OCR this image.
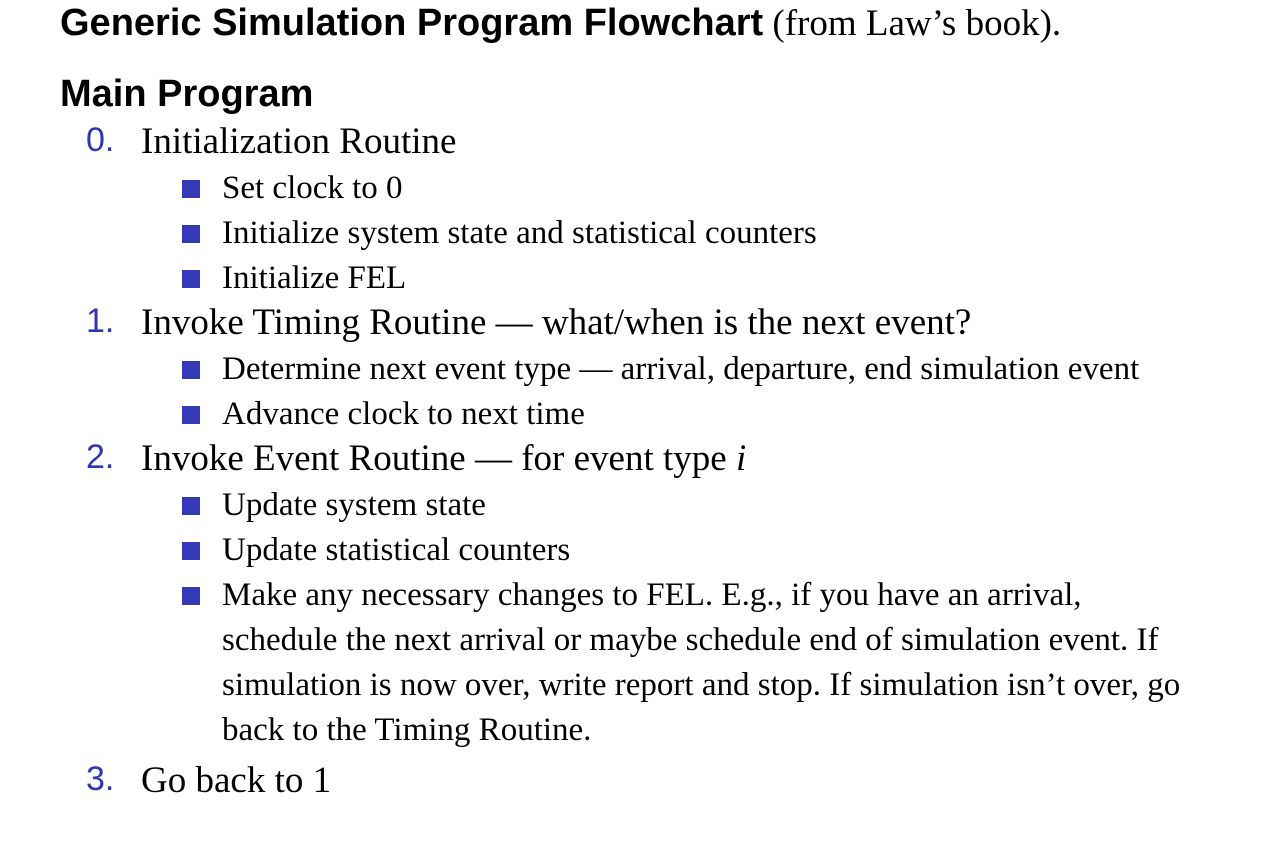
Generic Simulation Program Flowchart (from Law’s book).
Main Program
0. Initialization Routine
Set clock to 0
Initialize system state and statistical counters
Initialize FEL
1. Invoke Timing Routine — what/when is the next event?
Determine next event type — arrival, departure, end simulation event
Advance clock to next time
Invoke Event Routine — for event type i
2.
Update system state
Update statistical counters
Make any necessary changes to FEL. E.g., if you have an arrival, schedule the next arrival or maybe schedule end of simulation event. If simulation is now over, write report and stop. If simulation isn’t over, go back to the Timing Routine.
3. Go back to 1
